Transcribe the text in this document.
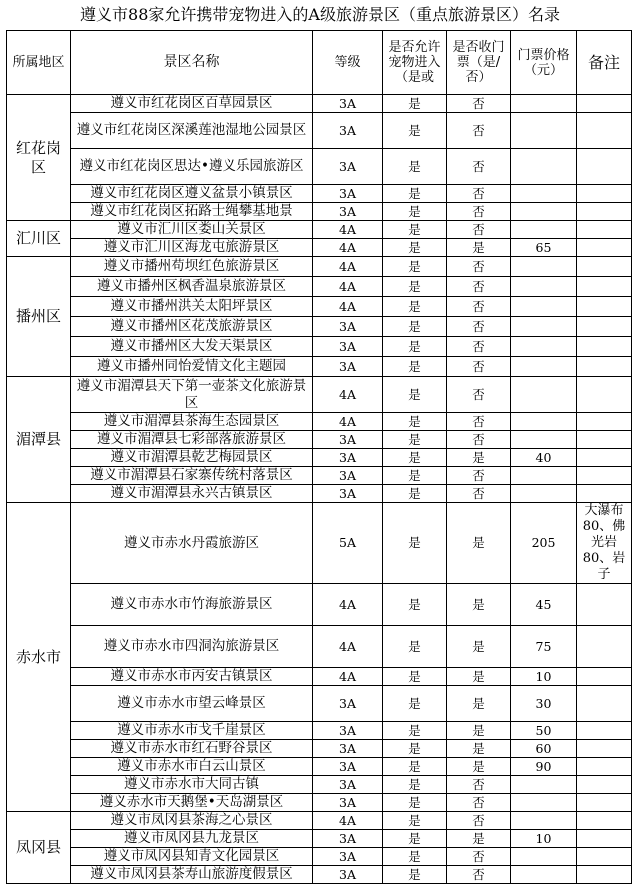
遵义市88家允许携带宠物进入的A级旅游景区（重点旅游景区）名录
所属地区	景区名称	等级	是否允许宠物进入（是或	是否收门票（是/否）	门票价格（元）	备注
红花岗区	遵义市红花岗区百草园景区	3A	是	否		
	遵义市红花岗区深溪莲池湿地公园景区	3A	是	否		
	遵义市红花岗区思达•遵义乐园旅游区	3A	是	否		
	遵义市红花岗区遵义盆景小镇景区	3A	是	否		
	遵义市红花岗区拓路士绳攀基地景	3A	是	否		
汇川区	遵义市汇川区娄山关景区	4A	是	否		
	遵义市汇川区海龙屯旅游景区	4A	是	是	65	
播州区	遵义市播州苟坝红色旅游景区	4A	是	否		
	遵义市播州区枫香温泉旅游景区	4A	是	否		
	遵义市播州洪关太阳坪景区	4A	是	否		
	遵义市播州区花茂旅游景区	3A	是	否		
	遵义市播州区大发天渠景区	3A	是	否		
	遵义市播州同怡爱情文化主题园	3A	是	否		
湄潭县	遵义市湄潭县天下第一壶茶文化旅游景区	4A	是	否		
	遵义市湄潭县茶海生态园景区	4A	是	否		
	遵义市湄潭县七彩部落旅游景区	3A	是	否		
	遵义市湄潭县乾艺梅园景区	3A	是	是	40	
	遵义市湄潭县石家寨传统村落景区	3A	是	否		
	遵义市湄潭县永兴古镇景区	3A	是	否		
赤水市	遵义市赤水丹霞旅游区	5A	是	是	205	大瀑布80、佛光岩80、岩子

	遵义市赤水市竹海旅游景区	4A	是	是	45	
	遵义市赤水市四洞沟旅游景区	4A	是	是	75	
	遵义市赤水市丙安古镇景区	4A	是	是	10	
	遵义市赤水市望云峰景区	3A	是	是	30	
	遵义市赤水市戈千崖景区	3A	是	是	50	
	遵义市赤水市红石野谷景区	3A	是	是	60	
	遵义市赤水市白云山景区	3A	是	是	90	
	遵义市赤水市大同古镇	3A	是	否		
	遵义赤水市天鹅堡•天岛湖景区	3A	是	否		
凤冈县	遵义市凤冈县茶海之心景区	4A	是	否		
	遵义市凤冈县九龙景区	3A	是	是	10	
	遵义市凤冈县知青文化园景区	3A	是	否		
	遵义市凤冈县茶寿山旅游度假景区	3A	是	否		
